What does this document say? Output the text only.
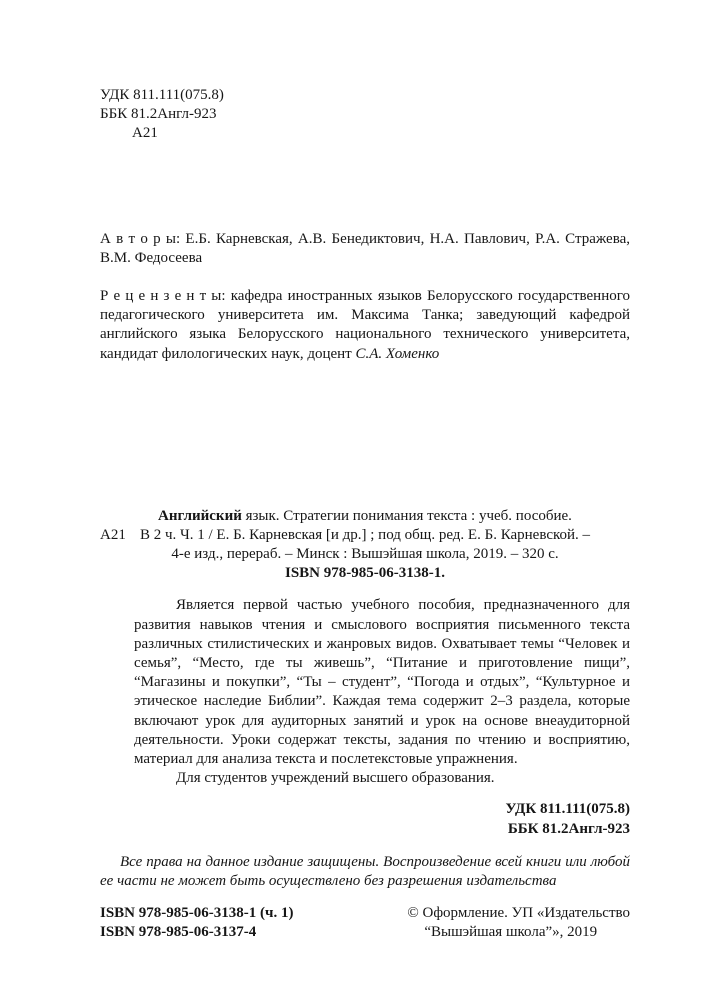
УДК 811.111(075.8)

ББК 81.2Англ-923

А21

А в т о р ы: Е.Б. Карневская, А.В. Бенедиктович, Н.А. Павлович, Р.А. Стражева, В.М. Федосеева

Р е ц е н з е н т ы: кафедра иностранных языков Белорусского государственного педагогического университета им. Максима Танка; заведующий кафедрой английского языка Белорусского национального технического университета, кандидат филологических наук, доцент С.А. Хоменко

А21

Английский язык. Стратегии понимания текста : учеб. пособие.

В 2 ч. Ч. 1 / Е. Б. Карневская [и др.] ; под общ. ред. Е. Б. Карневской. –

4-е изд., перераб. – Минск : Вышэйшая школа, 2019. – 320 с.

ISBN 978-985-06-3138-1.

Является первой частью учебного пособия, предназначенного для развития навыков чтения и смыслового восприятия письменного текста различных стилистических и жанровых видов. Охватывает темы “Человек и семья”, “Место, где ты живешь”, “Питание и приготовление пищи”, “Магазины и покупки”, “Ты – студент”, “Погода и отдых”, “Культурное и этическое наследие Библии”. Каждая тема содержит 2–3 раздела, которые включают урок для аудиторных занятий и урок на основе внеаудиторной деятельности. Уроки содержат тексты, задания по чтению и восприятию, материал для анализа текста и послетекстовые упражнения.

Для студентов учреждений высшего образования.

УДК 811.111(075.8)

ББК 81.2Англ-923

Все права на данное издание защищены. Воспроизведение всей книги или любой ее части не может быть осуществлено без разрешения издательства

ISBN 978-985-06-3138-1 (ч. 1)

ISBN 978-985-06-3137-4

© Оформление. УП «Издательство

“Вышэйшая школа”», 2019
